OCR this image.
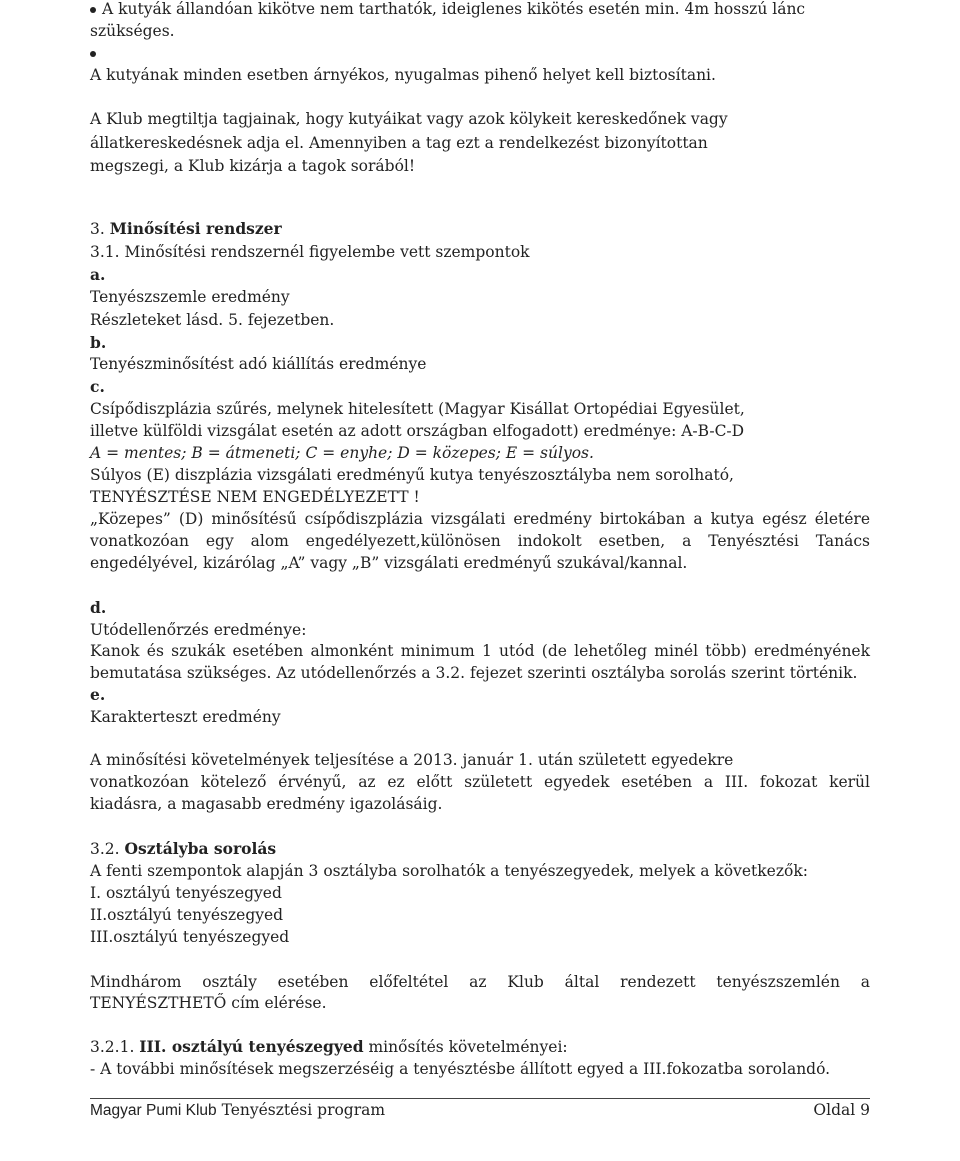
A kutyák állandóan kikötve nem tarthatók, ideiglenes kikötés esetén min. 4m hosszú lánc
szükséges.
A kutyának minden esetben árnyékos, nyugalmas pihenő helyet kell biztosítani.
A Klub megtiltja tagjainak, hogy kutyáikat vagy azok kölykeit kereskedőnek vagy
állatkereskedésnek adja el. Amennyiben a tag ezt a rendelkezést bizonyítottan
megszegi, a Klub kizárja a tagok sorából!
3. Minősítési rendszer
3.1. Minősítési rendszernél figyelembe vett szempontok
a.
Tenyészszemle eredmény
Részleteket lásd. 5. fejezetben.
b.
Tenyészminősítést adó kiállítás eredménye
c.
Csípődiszplázia szűrés, melynek hitelesített (Magyar Kisállat Ortopédiai Egyesület,
illetve külföldi vizsgálat esetén az adott országban elfogadott) eredménye: A-B-C-D
A = mentes; B = átmeneti; C = enyhe; D = közepes; E = súlyos.
Súlyos (E) diszplázia vizsgálati eredményű kutya tenyészosztályba nem sorolható,
TENYÉSZTÉSE NEM ENGEDÉLYEZETT !
„Közepes” (D) minősítésű csípődiszplázia vizsgálati eredmény birtokában a kutya egész életére
vonatkozóan egy alom engedélyezett,különösen indokolt esetben, a Tenyésztési Tanács
engedélyével, kizárólag „A” vagy „B” vizsgálati eredményű szukával/kannal.
d.
Utódellenőrzés eredménye:
Kanok és szukák esetében almonként minimum 1 utód (de lehetőleg minél több) eredményének
bemutatása szükséges. Az utódellenőrzés a 3.2. fejezet szerinti osztályba sorolás szerint történik.
e.
Karakterteszt eredmény
A minősítési követelmények teljesítése a 2013. január 1. után született egyedekre
vonatkozóan kötelező érvényű, az ez előtt született egyedek esetében a III. fokozat kerül
kiadásra, a magasabb eredmény igazolásáig.
3.2. Osztályba sorolás
A fenti szempontok alapján 3 osztályba sorolhatók a tenyészegyedek, melyek a következők:
I. osztályú tenyészegyed
II.osztályú tenyészegyed
III.osztályú tenyészegyed
Mindhárom osztály esetében előfeltétel az Klub által rendezett tenyészszemlén a
TENYÉSZTHETŐ cím elérése.
3.2.1. III. osztályú tenyészegyed minősítés követelményei:
- A további minősítések megszerzéséig a tenyésztésbe állított egyed a III.fokozatba sorolandó.
Magyar Pumi Klub Tenyésztési program	Oldal 9
